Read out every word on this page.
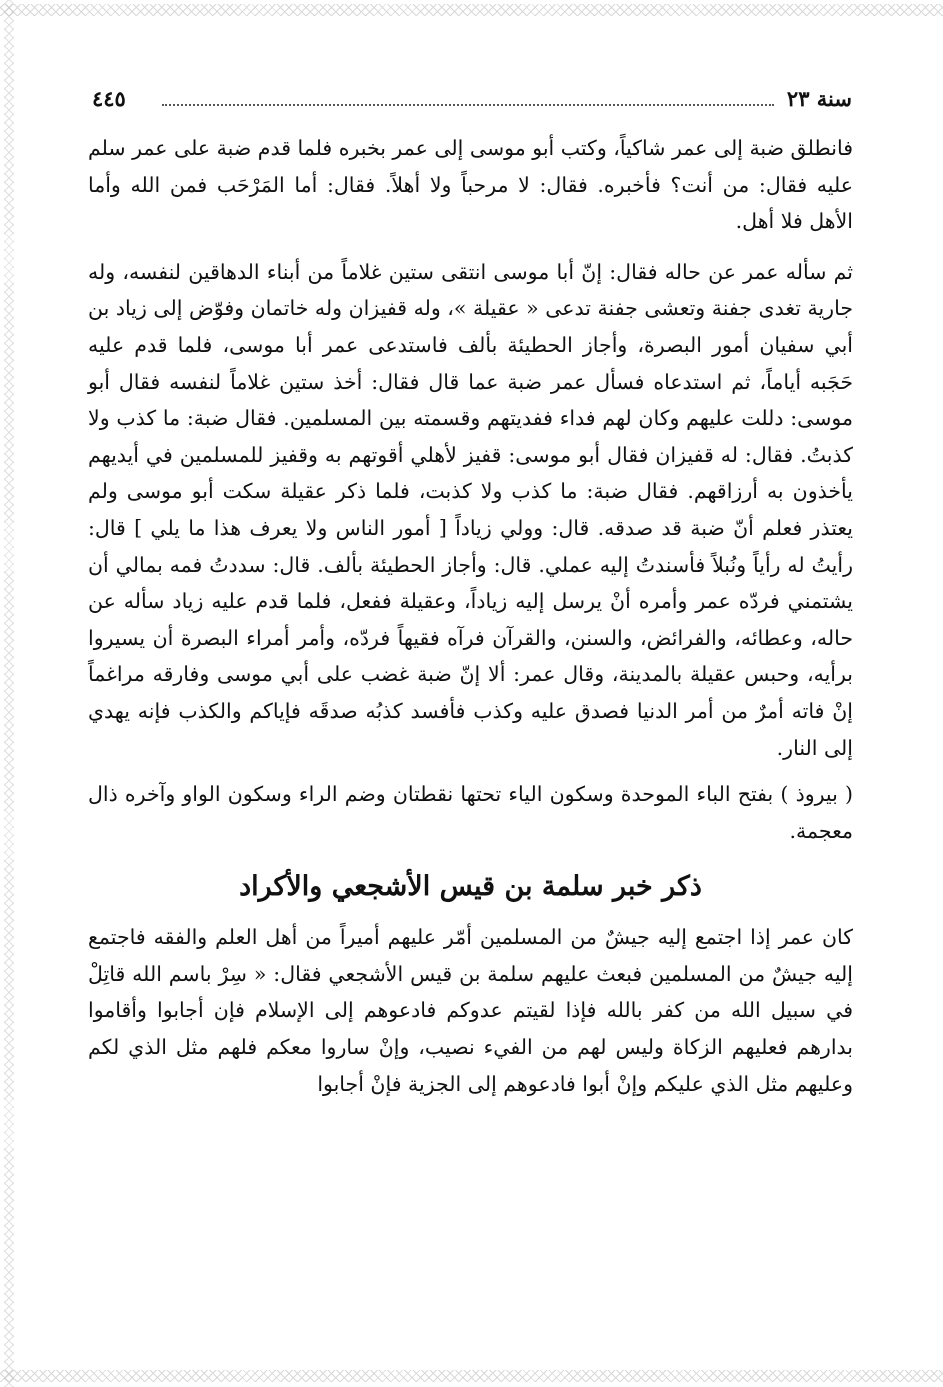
سنة ٢٣
٤٤٥

فانطلق ضبة إلى عمر شاكياً، وكتب أبو موسى إلى عمر بخبره فلما قدم ضبة على عمر سلم عليه فقال: من أنت؟ فأخبره. فقال: لا مرحباً ولا أهلاً. فقال: أما المَرْحَب فمن الله وأما الأهل فلا أهل.

ثم سأله عمر عن حاله فقال: إنّ أبا موسى انتقى ستين غلاماً من أبناء الدهاقين لنفسه، وله جارية تغدى جفنة وتعشى جفنة تدعى « عقيلة »، وله قفيزان وله خاتمان وفوّض إلى زياد بن أبي سفيان أمور البصرة، وأجاز الحطيئة بألف فاستدعى عمر أبا موسى، فلما قدم عليه حَجَبه أياماً، ثم استدعاه فسأل عمر ضبة عما قال فقال: أخذ ستين غلاماً لنفسه فقال أبو موسى: دللت عليهم وكان لهم فداء ففديتهم وقسمته بين المسلمين. فقال ضبة: ما كذب ولا كذبتُ. فقال: له قفيزان فقال أبو موسى: قفيز لأهلي أقوتهم به وقفيز للمسلمين في أيديهم يأخذون به أرزاقهم. فقال ضبة: ما كذب ولا كذبت، فلما ذكر عقيلة سكت أبو موسى ولم يعتذر فعلم أنّ ضبة قد صدقه. قال: وولي زياداً [ أمور الناس ولا يعرف هذا ما يلي ] قال: رأيتُ له رأياً ونُبلاً فأسندتُ إليه عملي. قال: وأجاز الحطيئة بألف. قال: سددتُ فمه بمالي أن يشتمني فردّه عمر وأمره أنْ يرسل إليه زياداً، وعقيلة ففعل، فلما قدم عليه زياد سأله عن حاله، وعطائه، والفرائض، والسنن، والقرآن فرآه فقيهاً فردّه، وأمر أمراء البصرة أن يسيروا برأيه، وحبس عقيلة بالمدينة، وقال عمر: ألا إنّ ضبة غضب على أبي موسى وفارقه مراغماً إنْ فاته أمرٌ من أمر الدنيا فصدق عليه وكذب فأفسد كذبُه صدقَه فإياكم والكذب فإنه يهدي إلى النار.

( بيروذ ) بفتح الباء الموحدة وسكون الياء تحتها نقطتان وضم الراء وسكون الواو وآخره ذال معجمة.

ذكر خبر سلمة بن قيس الأشجعي والأكراد

كان عمر إذا اجتمع إليه جيشٌ من المسلمين أمّر عليهم أميراً من أهل العلم والفقه فاجتمع إليه جيشٌ من المسلمين فبعث عليهم سلمة بن قيس الأشجعي فقال: « سِرْ باسم الله قاتِلْ في سبيل الله من كفر بالله فإذا لقيتم عدوكم فادعوهم إلى الإسلام فإن أجابوا وأقاموا بدارهم فعليهم الزكاة وليس لهم من الفيء نصيب، وإنْ ساروا معكم فلهم مثل الذي لكم وعليهم مثل الذي عليكم وإنْ أبوا فادعوهم إلى الجزية فإنْ أجابوا
